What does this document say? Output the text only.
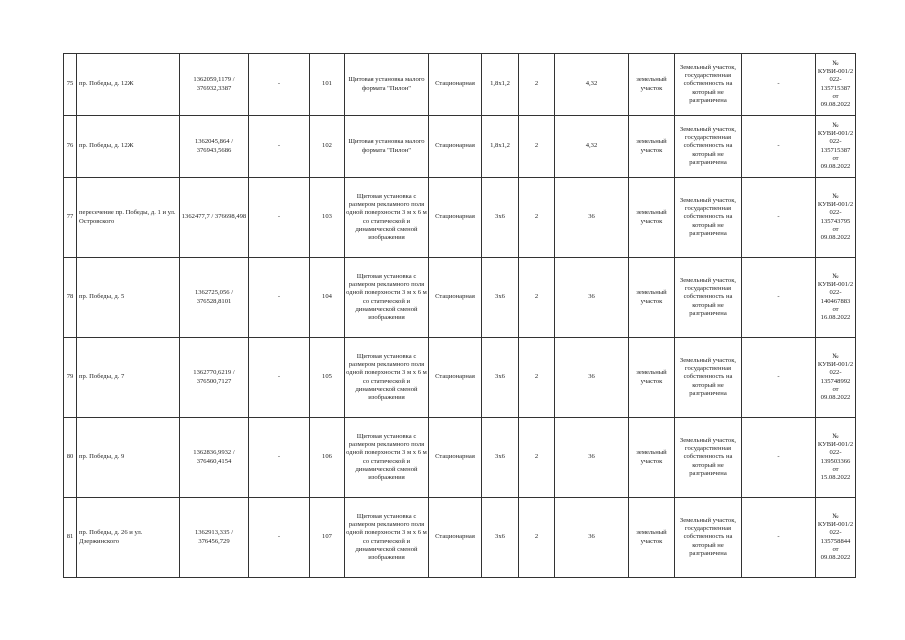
75	пр. Победы, д. 12Ж	1362059,1179 / 376932,3387	-	101	Щитовая установка малого формата "Пилон"	Стационарная	1,8x1,2	2	4,32	земельный участок	Земельный участок, государственная собственность на который не разграничена	-	№ КУВИ-001/2022-135715387 от 09.08.2022
76	пр. Победы, д. 12Ж	1362045,864 / 376943,5686	-	102	Щитовая установка малого формата "Пилон"	Стационарная	1,8x1,2	2	4,32	земельный участок	Земельный участок, государственная собственность на который не разграничена	-	№ КУВИ-001/2022-135715387 от 09.08.2022
77	пересечение пр. Победы, д. 1 и ул. Островского	1362477,7 / 376698,498	-	103	Щитовая установка с размером рекламного поля одной поверхности 3 м х 6 м со статической и динамической сменой изображения	Стационарная	3x6	2	36	земельный участок	Земельный участок, государственная собственность на который не разграничена	-	№ КУВИ-001/2022-135743795 от 09.08.2022
78	пр. Победы, д. 5	1362725,056 / 376528,8101	-	104	Щитовая установка с размером рекламного поля одной поверхности 3 м х 6 м со статической и динамической сменой изображения	Стационарная	3x6	2	36	земельный участок	Земельный участок, государственная собственность на который не разграничена	-	№ КУВИ-001/2022-140467883 от 16.08.2022
79	пр. Победы, д. 7	1362770,6219 / 376500,7127	-	105	Щитовая установка с размером рекламного поля одной поверхности 3 м х 6 м со статической и динамической сменой изображения	Стационарная	3x6	2	36	земельный участок	Земельный участок, государственная собственность на который не разграничена	-	№ КУВИ-001/2022-135748992 от 09.08.2022
80	пр. Победы, д. 9	1362836,9932 / 376460,4154	-	106	Щитовая установка с размером рекламного поля одной поверхности 3 м х 6 м со статической и динамической сменой изображения	Стационарная	3x6	2	36	земельный участок	Земельный участок, государственная собственность на который не разграничена	-	№ КУВИ-001/2022-139503366 от 15.08.2022
81	пр. Победы, д. 26 и ул. Дзержинского	1362913,335 / 376456,729	-	107	Щитовая установка с размером рекламного поля одной поверхности 3 м х 6 м со статической и динамической сменой изображения	Стационарная	3x6	2	36	земельный участок	Земельный участок, государственная собственность на который не разграничена	-	№ КУВИ-001/2022-135758844 от 09.08.2022
